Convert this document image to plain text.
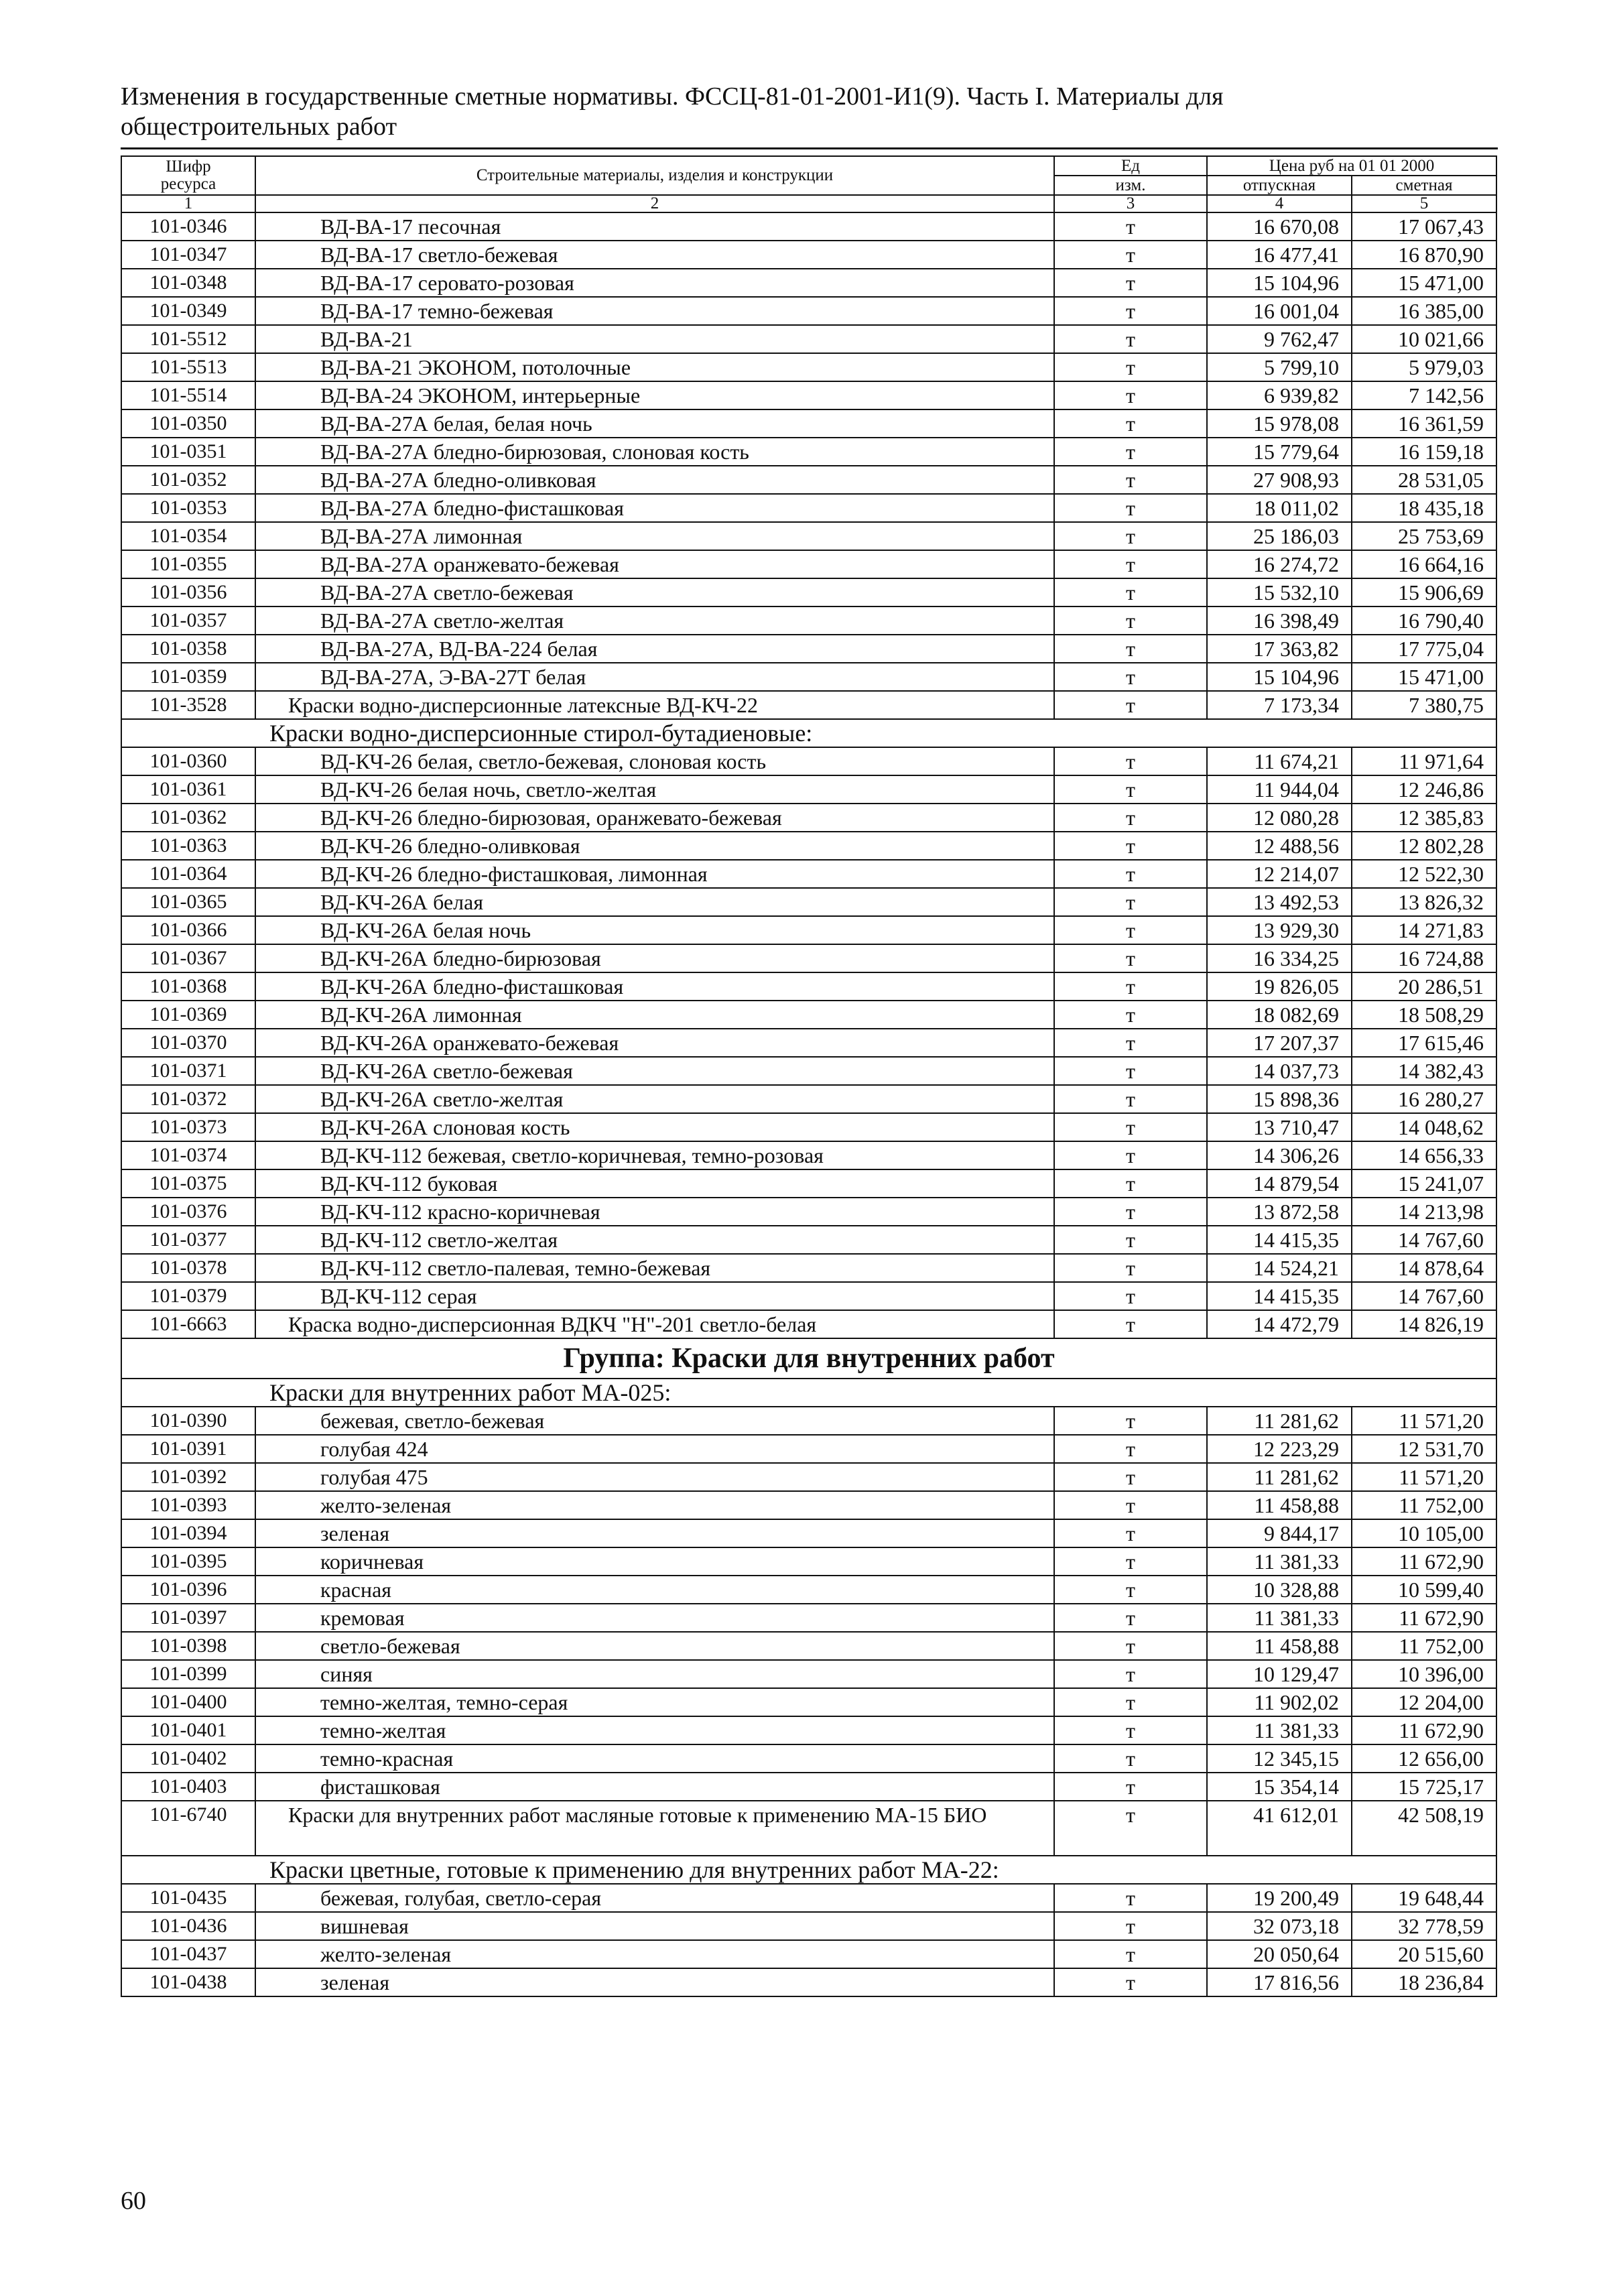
Изменения в государственные сметные нормативы. ФССЦ-81-01-2001-И1(9). Часть I. Материалы для
общестроительных работ
Шифр
ресурса	Строительные материалы, изделия и конструкции	Ед	Цена руб на 01 01 2000	
		изм.	отпускная	сметная
1	2	3	4	5
101-0346	ВД-ВА-17 песочная	т	16 670,08	17 067,43
101-0347	ВД-ВА-17 светло-бежевая	т	16 477,41	16 870,90
101-0348	ВД-ВА-17 серовато-розовая	т	15 104,96	15 471,00
101-0349	ВД-ВА-17 темно-бежевая	т	16 001,04	16 385,00
101-5512	ВД-ВА-21	т	9 762,47	10 021,66
101-5513	ВД-ВА-21 ЭКОНОМ, потолочные	т	5 799,10	5 979,03
101-5514	ВД-ВА-24 ЭКОНОМ, интерьерные	т	6 939,82	7 142,56
101-0350	ВД-ВА-27А белая, белая ночь	т	15 978,08	16 361,59
101-0351	ВД-ВА-27А бледно-бирюзовая, слоновая кость	т	15 779,64	16 159,18
101-0352	ВД-ВА-27А бледно-оливковая	т	27 908,93	28 531,05
101-0353	ВД-ВА-27А бледно-фисташковая	т	18 011,02	18 435,18
101-0354	ВД-ВА-27А лимонная	т	25 186,03	25 753,69
101-0355	ВД-ВА-27А оранжевато-бежевая	т	16 274,72	16 664,16
101-0356	ВД-ВА-27А светло-бежевая	т	15 532,10	15 906,69
101-0357	ВД-ВА-27А светло-желтая	т	16 398,49	16 790,40
101-0358	ВД-ВА-27А, ВД-ВА-224 белая	т	17 363,82	17 775,04
101-0359	ВД-ВА-27А, Э-ВА-27Т белая	т	15 104,96	15 471,00
101-3528	Краски водно-дисперсионные латексные ВД-КЧ-22	т	7 173,34	7 380,75
Краски водно-дисперсионные стирол-бутадиеновые:				
101-0360	ВД-КЧ-26 белая, светло-бежевая, слоновая кость	т	11 674,21	11 971,64
101-0361	ВД-КЧ-26 белая ночь, светло-желтая	т	11 944,04	12 246,86
101-0362	ВД-КЧ-26 бледно-бирюзовая, оранжевато-бежевая	т	12 080,28	12 385,83
101-0363	ВД-КЧ-26 бледно-оливковая	т	12 488,56	12 802,28
101-0364	ВД-КЧ-26 бледно-фисташковая, лимонная	т	12 214,07	12 522,30
101-0365	ВД-КЧ-26А белая	т	13 492,53	13 826,32
101-0366	ВД-КЧ-26А белая ночь	т	13 929,30	14 271,83
101-0367	ВД-КЧ-26А бледно-бирюзовая	т	16 334,25	16 724,88
101-0368	ВД-КЧ-26А бледно-фисташковая	т	19 826,05	20 286,51
101-0369	ВД-КЧ-26А лимонная	т	18 082,69	18 508,29
101-0370	ВД-КЧ-26А оранжевато-бежевая	т	17 207,37	17 615,46
101-0371	ВД-КЧ-26А светло-бежевая	т	14 037,73	14 382,43
101-0372	ВД-КЧ-26А светло-желтая	т	15 898,36	16 280,27
101-0373	ВД-КЧ-26А слоновая кость	т	13 710,47	14 048,62
101-0374	ВД-КЧ-112 бежевая, светло-коричневая, темно-розовая	т	14 306,26	14 656,33
101-0375	ВД-КЧ-112 буковая	т	14 879,54	15 241,07
101-0376	ВД-КЧ-112 красно-коричневая	т	13 872,58	14 213,98
101-0377	ВД-КЧ-112 светло-желтая	т	14 415,35	14 767,60
101-0378	ВД-КЧ-112 светло-палевая, темно-бежевая	т	14 524,21	14 878,64
101-0379	ВД-КЧ-112 серая	т	14 415,35	14 767,60
101-6663	Краска водно-дисперсионная ВДКЧ "Н"-201 светло-белая	т	14 472,79	14 826,19
Группа: Краски для внутренних работ				
Краски для внутренних работ МА-025:				
101-0390	бежевая, светло-бежевая	т	11 281,62	11 571,20
101-0391	голубая 424	т	12 223,29	12 531,70
101-0392	голубая 475	т	11 281,62	11 571,20
101-0393	желто-зеленая	т	11 458,88	11 752,00
101-0394	зеленая	т	9 844,17	10 105,00
101-0395	коричневая	т	11 381,33	11 672,90
101-0396	красная	т	10 328,88	10 599,40
101-0397	кремовая	т	11 381,33	11 672,90
101-0398	светло-бежевая	т	11 458,88	11 752,00
101-0399	синяя	т	10 129,47	10 396,00
101-0400	темно-желтая, темно-серая	т	11 902,02	12 204,00
101-0401	темно-желтая	т	11 381,33	11 672,90
101-0402	темно-красная	т	12 345,15	12 656,00
101-0403	фисташковая	т	15 354,14	15 725,17
101-6740	Краски для внутренних работ масляные готовые к применению МА-15 БИО	т	41 612,01	42 508,19
Краски цветные, готовые к применению для внутренних работ МА-22:				
101-0435	бежевая, голубая, светло-серая	т	19 200,49	19 648,44
101-0436	вишневая	т	32 073,18	32 778,59
101-0437	желто-зеленая	т	20 050,64	20 515,60
101-0438	зеленая	т	17 816,56	18 236,84
60
